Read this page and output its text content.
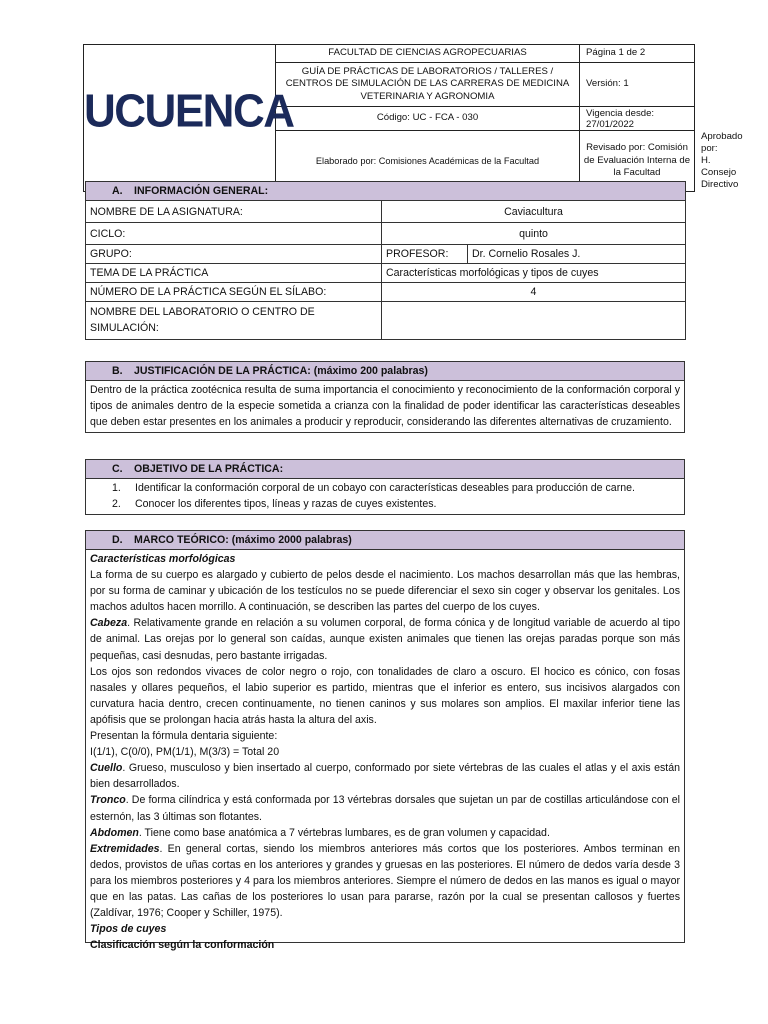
UCUENCA	FACULTAD DE CIENCIAS AGROPECUARIAS	Página 1 de 2	
	GUÍA DE PRÁCTICAS DE LABORATORIOS / TALLERES / CENTROS DE SIMULACIÓN DE LAS CARRERAS DE MEDICINA VETERINARIA Y AGRONOMIA	Versión: 1	
	Código: UC - FCA - 030	Vigencia desde: 27/01/2022	
	Elaborado por: Comisiones Académicas de la Facultad	Revisado por: Comisión de Evaluación Interna de la Facultad	Aprobado por: H. Consejo Directivo
A. INFORMACIÓN GENERAL:		
NOMBRE DE LA ASIGNATURA:	Caviacultura	
CICLO:	quinto	
GRUPO:	PROFESOR:	Dr. Cornelio Rosales J.
TEMA DE LA PRÁCTICA	Características morfológicas y tipos de cuyes	
NÚMERO DE LA PRÁCTICA SEGÚN EL SÍLABO:	4	
NOMBRE DEL LABORATORIO O CENTRO DE SIMULACIÓN:		
B. JUSTIFICACIÓN DE LA PRÁCTICA: (máximo 200 palabras)
Dentro de la práctica zootécnica resulta de suma importancia el conocimiento y reconocimiento de la conformación corporal y tipos de animales dentro de la especie sometida a crianza con la finalidad de poder identificar las características deseables que deben estar presentes en los animales a producir y reproducir, considerando las diferentes alternativas de cruzamiento.
C. OBJETIVO DE LA PRÁCTICA:
1.	Identificar la conformación corporal de un cobayo con características deseables para producción de carne.
2.	Conocer los diferentes tipos, líneas y razas de cuyes existentes.
D. MARCO TEÓRICO: (máximo 2000 palabras)

Características morfológicas

La forma de su cuerpo es alargado y cubierto de pelos desde el nacimiento. Los machos desarrollan más que las hembras, por su forma de caminar y ubicación de los testículos no se puede diferenciar el sexo sin coger y observar los genitales. Los machos adultos hacen morrillo. A continuación, se describen las partes del cuerpo de los cuyes.

Cabeza. Relativamente grande en relación a su volumen corporal, de forma cónica y de longitud variable de acuerdo al tipo de animal. Las orejas por lo general son caídas, aunque existen animales que tienen las orejas paradas porque son más pequeñas, casi desnudas, pero bastante irrigadas.

Los ojos son redondos vivaces de color negro o rojo, con tonalidades de claro a oscuro. El hocico es cónico, con fosas nasales y ollares pequeños, el labio superior es partido, mientras que el inferior es entero, sus incisivos alargados con curvatura hacia dentro, crecen continuamente, no tienen caninos y sus molares son amplios. El maxilar inferior tiene las apófisis que se prolongan hacia atrás hasta la altura del axis.

Presentan la fórmula dentaria siguiente:

I(1/1), C(0/0), PM(1/1), M(3/3) = Total 20

Cuello. Grueso, musculoso y bien insertado al cuerpo, conformado por siete vértebras de las cuales el atlas y el axis están bien desarrollados.

Tronco. De forma cilíndrica y está conformada por 13 vértebras dorsales que sujetan un par de costillas articulándose con el esternón, las 3 últimas son flotantes.

Abdomen. Tiene como base anatómica a 7 vértebras lumbares, es de gran volumen y capacidad.

Extremidades. En general cortas, siendo los miembros anteriores más cortos que los posteriores. Ambos terminan en dedos, provistos de uñas cortas en los anteriores y grandes y gruesas en las posteriores. El número de dedos varía desde 3 para los miembros posteriores y 4 para los miembros anteriores. Siempre el número de dedos en las manos es igual o mayor que en las patas. Las cañas de los posteriores lo usan para pararse, razón por la cual se presentan callosos y fuertes (Zaldívar, 1976; Cooper y Schiller, 1975).

Tipos de cuyes

Clasificación según la conformación
